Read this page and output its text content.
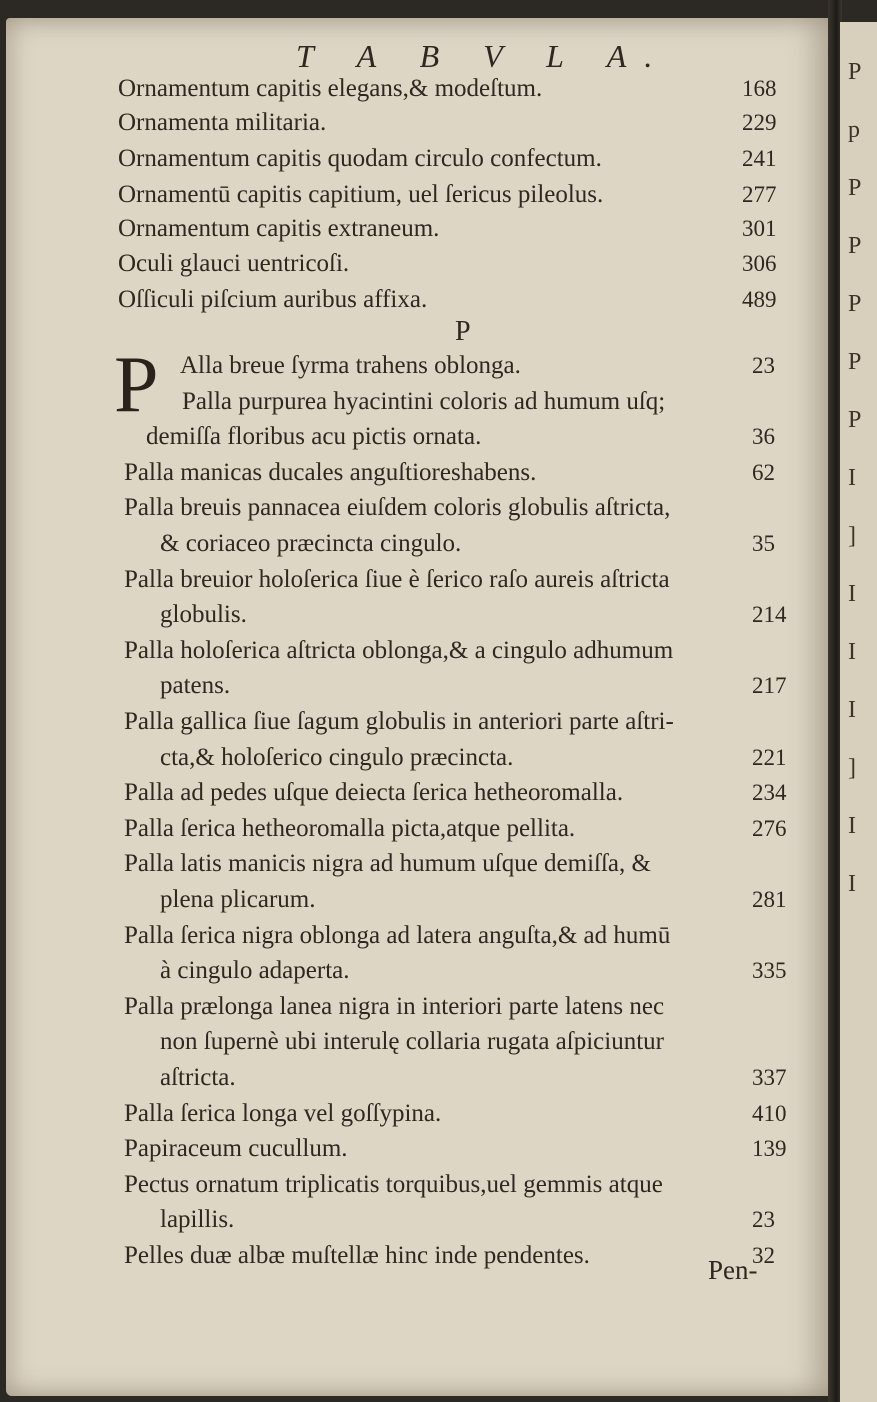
P
p
P
P
P
P
P
I
]
I
I
I
]
I
I
T A B V L A.
Ornamentum capitis elegans,& modeſtum.	168
Ornamenta militaria.	229
Ornamentum capitis quodam circulo confectum.	241
Ornamentū capitis capitium, uel ſericus pileolus.	277
Ornamentum capitis extraneum.	301
Oculi glauci uentricoſi.	306
Oſſiculi piſcium auribus affixa.	489
P
P Alla breue ſyrma trahens oblonga.	23
Palla purpurea hyacintini coloris ad humum uſq;
demiſſa floribus acu pictis ornata.	36
Palla manicas ducales anguſtioreshabens.	62
Palla breuis pannacea eiuſdem coloris globulis aſtricta,
& coriaceo præcincta cingulo.	35
Palla breuior holoſerica ſiue è ſerico raſo aureis aſtricta
globulis.	214
Palla holoſerica aſtricta oblonga,& a cingulo adhumum
patens.	217
Palla gallica ſiue ſagum globulis in anteriori parte aſtri-
cta,& holoſerico cingulo præcincta.	221
Palla ad pedes uſque deiecta ſerica hetheoromalla.	234
Palla ſerica hetheoromalla picta,atque pellita.	276
Palla latis manicis nigra ad humum uſque demiſſa, &
plena plicarum.	281
Palla ſerica nigra oblonga ad latera anguſta,& ad humū
à cingulo adaperta.	335
Palla prælonga lanea nigra in interiori parte latens nec
non ſupernè ubi interulę collaria rugata aſpiciuntur
aſtricta.	337
Palla ſerica longa vel goſſypina.	410
Papiraceum cucullum.	139
Pectus ornatum triplicatis torquibus,uel gemmis atque
lapillis.	23
Pelles duæ albæ muſtellæ hinc inde pendentes.	32
Pen-
